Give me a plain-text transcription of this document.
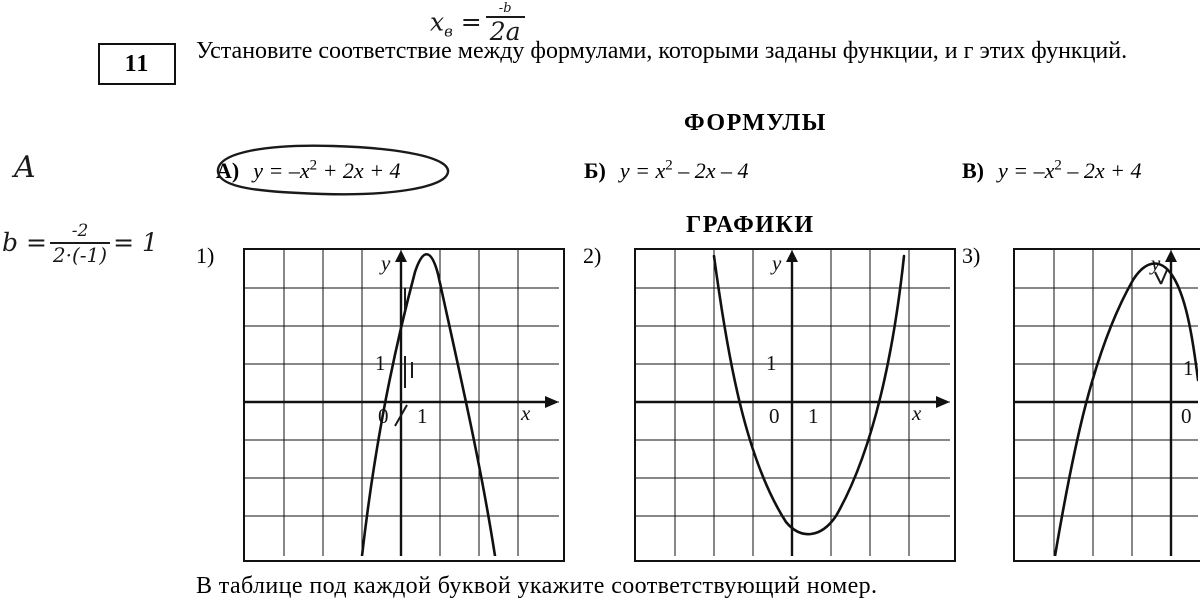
11 Установите соответствие между формулами, которыми заданы функции, и г этих функций.
ФОРМУЛЫ
А) $y = -x^2 + 2x + 4$	Б) $y = x^2 - 2x - 4$	В) $y = -x^2 - 2x + 4$
ГРАФИКИ
1)	2)	3)
1
0 1	x
y
1
0 1	x
y
1
0
y
В таблице под каждой буквой укажите соответствующий номер.
$x_в = \frac{-b}{2a}$
A
$b = \frac{-2}{2\cdot(-1)} = 1$
